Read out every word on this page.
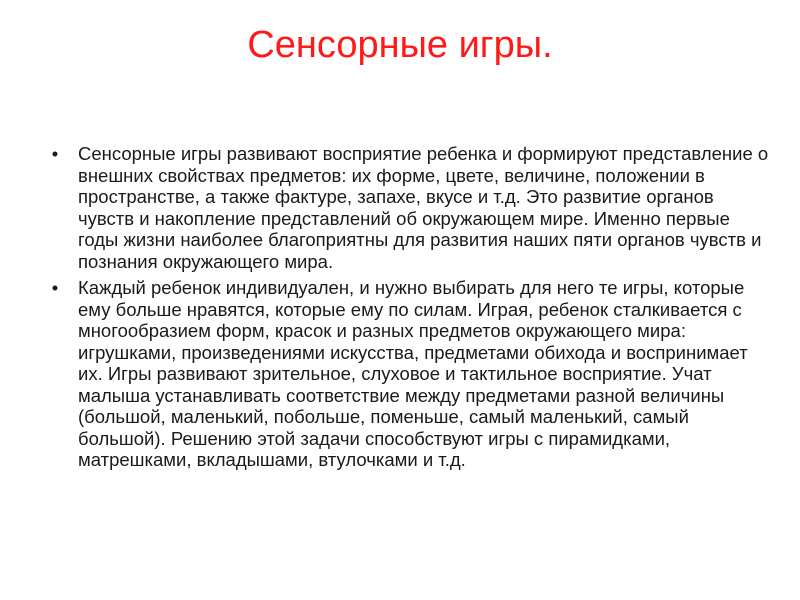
Сенсорные игры.
• Сенсорные игры развивают восприятие ребенка и формируют представление о внешних свойствах предметов: их форме, цвете, величине, положении в пространстве, а также фактуре, запахе, вкусе и т.д. Это развитие органов чувств и накопление представлений об окружающем мире. Именно первые годы жизни наиболее благоприятны для развития наших пяти органов чувств и познания окружающего мира.
• Каждый ребенок индивидуален, и нужно выбирать для него те игры, которые ему больше нравятся, которые ему по силам. Играя, ребенок сталкивается с многообразием форм, красок и разных предметов окружающего мира: игрушками, произведениями искусства, предметами обихода и воспринимает их. Игры развивают зрительное, слуховое и тактильное восприятие. Учат малыша устанавливать соответствие между предметами разной величины (большой, маленький, побольше, поменьше, самый маленький, самый большой). Решению этой задачи способствуют игры с пирамидками, матрешками, вкладышами, втулочками и т.д.
